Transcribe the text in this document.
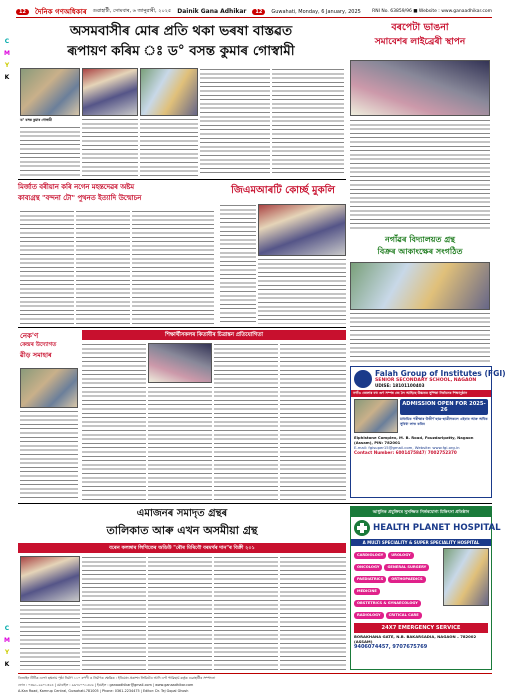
C
M
Y
K
C
M
Y
K
12	দৈনিক গণঅধিকাৰ গুৱাহাটী, সোমবাৰ, ৬ জানুৱাৰী, ২০২৫ Dainik Gana Adhikar	12	Guwahati, Monday, 6 January, 2025 RNI No. 63859/96 ■ Website : www.ganaadhikar.com
অসমবাসীৰ মোৰ প্ৰতি থকা ভৰষা বাস্তৱত
ৰূপায়ণ কৰিম ঃ ড° বসন্ত কুমাৰ গোস্বামী
ড° বসন্ত কুমাৰ গোস্বামী
বৰপেটা ভাঙনা
সমাবেশৰ লাইব্ৰেৰী স্থাপন
মিৰ্জাত বৰীয়ান কৰি নগেন মহন্তদেৱৰ অষ্টম
কাব্যগ্ৰন্থ "বন্দনা টো" পুথনত ইত্যাদি উন্মোচন
জিএমআৰটি কোৰ্চ্ছ মুকলি
নগাঁৱৰ বিদ্যালয়ত গ্ৰন্থ
বিক্ৰৰ আকাংক্ষেৰ সংগঠিত
নেক'ণ
কেন্দ্ৰৰ উদ্যোগত
ৱীড় সমাহাৰ
শিক্ষাৰ্থীসকলৰ কিতাবীৰ চিত্ৰাঙ্কন প্ৰতিযোগিতা
Falah Group of Institutes (FGI)
SENIOR SECONDARY SCHOOL, NAGAON
UDISE: 18101100403
নগাঁও জেলাৰ বহু গুণ সম্পন্ন জে লৈ আহিছে উচ্চতৰ সুশিক্ষা নিৰ্বাচনৰ শিক্ষানুষ্ঠান
ADMISSION OPEN FOR 2025-26
মাধ্যমিক পৰীক্ষাৰ উত্তীৰ্ণ ছাত্ৰ-ছাত্ৰীসকলে এইবাৰ আৰু অধিক সুবিধা লাভ কৰিব
Elphistone Complex, M. B. Road, Fouzdaripatty, Nagaon (Assam), PIN: 782001
E-mail: fgisuper15@gmail.com, Website: www.fgi.org.in
Contact Number: 6001475847/ 7002752370
এমাজনৰ সমাদৃত গ্ৰন্থৰ
তালিকাত আৰু এখন অসমীয়া গ্ৰন্থ
বৰেন কলঙ্গাৰ লিখিতেৰ অডিউ "ৰৌৰ মিৰিবৌ বৰমৰ্থৰ দান"ৰ বিক্ৰী ২০১
আধুনিক প্ৰযুক্তিৰে সুসজ্জিত নিৰ্ভৰযোগ্য চিকিৎসা প্ৰতিষ্ঠান
HEALTH PLANET HOSPITAL
A MULTI SPECIALITY & SUPER SPECIALITY HOSPITAL
CARDIOLOGY UROLOGYONCOLOGY GENERAL SURGERYPAEDIATRICS ORTHOPAEDICSMEDICINEOBSTETRICS & GYNAECOLOGYRADIOLOGY CRITICAL CARE
24X7 EMERGENCY SERVICE
BORAKHANA GATE, N.B. BAKARSADIA, NAGAON – 782002 (ASSAM)
9406074457, 9707675769
ডিজাইন টিটিক এলগ ছদ্মনাম পৃষ্ঠা নিৰ্মাণ ১১০ ৰপণী ও নিৰ্মাণক ক্ষেত্ৰিক : ইণ্ডিয়ান প্ৰকাশন লিমিটেড আদি এণ্ট পাব্লিছাৰ্চ কৰ্তৃক গুৱাহাটীৰ সম্পাদনা
ফোন : ০৩৬১-২৬০১৩২৪ | মোবাইল : ৯৬৭৮০৭১৫৮৬ | ইমেইল : ganaadhikar@gmail.com | www.ganaadhikar.com
A-Kan Road, Kamrup Central, Guwahati-781005 | Phone: 0361-2234475 | Editor: Dr. Tej Gopal Ghosh
